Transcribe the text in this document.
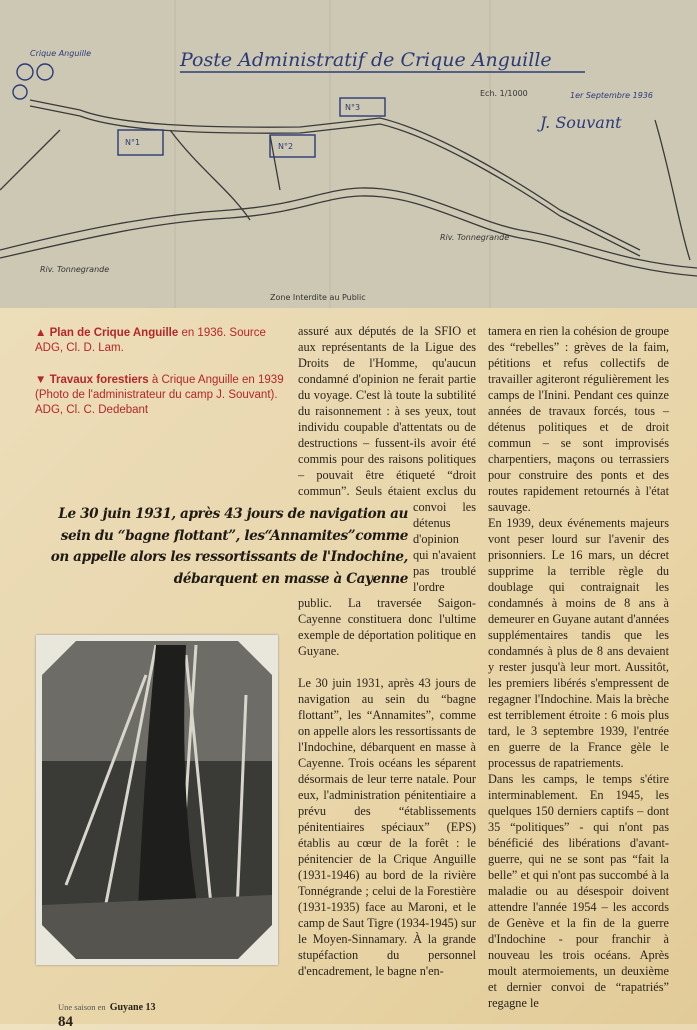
Poste Administratif de Crique Anguille
Crique Anguille
Riv. Tonnegrande
Riv. Tonnegrande
Zone Interdite au Public
Ech. 1/1000
N°1	N°2
N°3
1er Septembre 1936
J. Souvant
▲ Plan de Crique Anguille en 1936. Source ADG, Cl. D. Lam.
▼ Travaux forestiers à Crique Anguille en 1939 (Photo de l'administrateur du camp J. Souvant). ADG, Cl. C. Dedebant
Le 30 juin 1931, après 43 jours de navigation au sein du “bagne flottant”, les“Annamites”comme on appelle alors les ressortissants de l'Indochine, débarquent en masse à Cayenne

assuré aux députés de la SFIO et aux représentants de la Ligue des Droits de l'Homme, qu'aucun condamné d'opinion ne ferait partie du voyage. C'est là toute la subtilité du raisonnement : à ses yeux, tout individu coupable d'attentats ou de destructions – fussent-ils avoir été commis pour des raisons politiques – pouvait être étiqueté “droit commun”. Seuls étaient exclus du convoi les détenus d'opinion qui n'avaient pas troublé l'ordre public. La traversée Saigon-Cayenne constituera donc l'ultime exemple de déportation politique en Guyane.

Le 30 juin 1931, après 43 jours de navigation au sein du “bagne flottant”, les “Annamites”, comme on appelle alors les ressortissants de l'Indochine, débarquent en masse à Cayenne. Trois océans les séparent désormais de leur terre natale. Pour eux, l'administration pénitentiaire a prévu des “établissements pénitentiaires spéciaux” (EPS) établis au cœur de la forêt : le pénitencier de la Crique Anguille (1931-1946) au bord de la rivière Tonnégrande ; celui de la Forestière (1931-1935) face au Maroni, et le camp de Saut Tigre (1934-1945) sur le Moyen-Sinnamary. À la grande stupéfaction du personnel d'encadrement, le bagne n'en-

tamera en rien la cohésion de groupe des “rebelles” : grèves de la faim, pétitions et refus collectifs de travailler agiteront régulièrement les camps de l'Inini. Pendant ces quinze années de travaux forcés, tous – détenus politiques et de droit commun – se sont improvisés charpentiers, maçons ou terrassiers pour construire des ponts et des routes rapidement retournés à l'état sauvage.

En 1939, deux événements majeurs vont peser lourd sur l'avenir des prisonniers. Le 16 mars, un décret supprime la terrible règle du doublage qui contraignait les condamnés à moins de 8 ans à demeurer en Guyane autant d'années supplémentaires tandis que les condamnés à plus de 8 ans devaient y rester jusqu'à leur mort. Aussitôt, les premiers libérés s'empressent de regagner l'Indochine. Mais la brèche est terriblement étroite : 6 mois plus tard, le 3 septembre 1939, l'entrée en guerre de la France gèle le processus de rapatriements.

Dans les camps, le temps s'étire interminablement. En 1945, les quelques 150 derniers captifs – dont 35 “politiques” - qui n'ont pas bénéficié des libérations d'avant-guerre, qui ne se sont pas “fait la belle” et qui n'ont pas succombé à la maladie ou au désespoir doivent attendre l'année 1954 – les accords de Genève et la fin de la guerre d'Indochine - pour franchir à nouveau les trois océans. Après moult atermoiements, un deuxième et dernier convoi de “rapatriés” regagne le

Une saison en Guyane 13
84
